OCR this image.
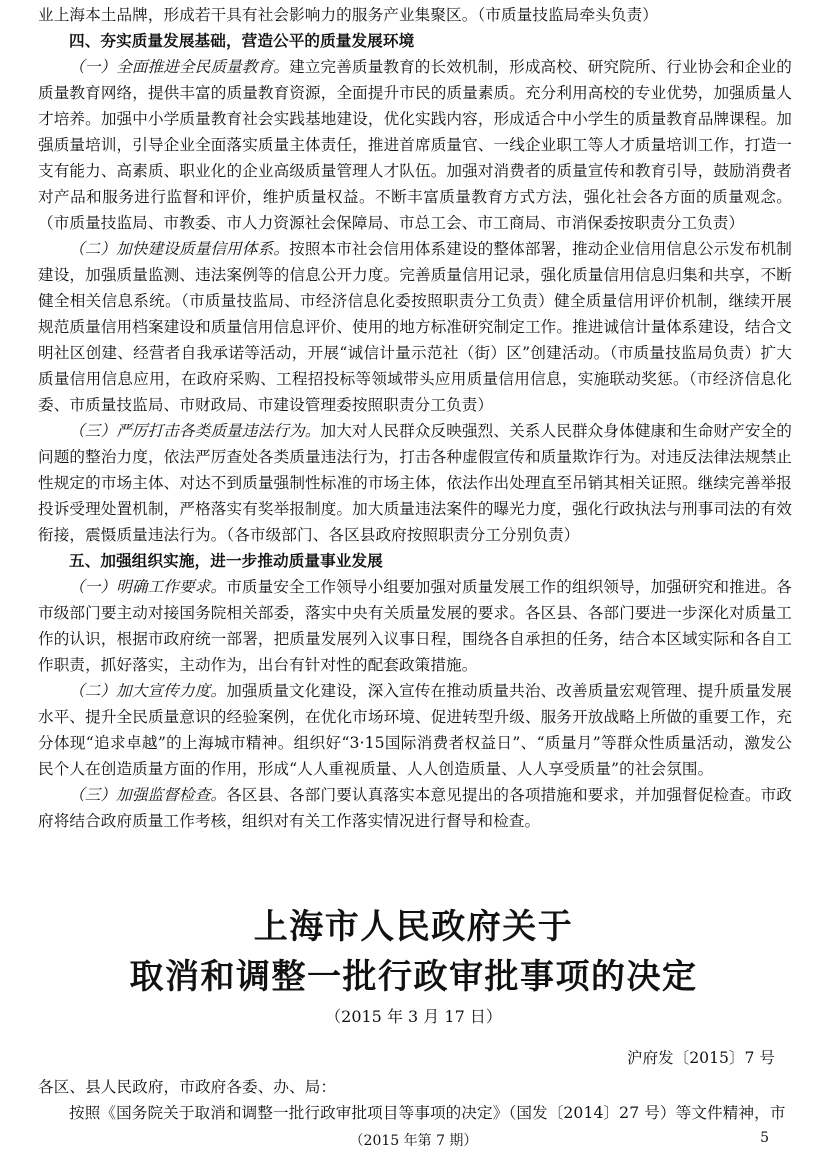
业上海本土品牌，形成若干具有社会影响力的服务产业集聚区。（市质量技监局牵头负责）

四、夯实质量发展基础，营造公平的质量发展环境

（一）全面推进全民质量教育。建立完善质量教育的长效机制，形成高校、研究院所、行业协会和企业的质量教育网络，提供丰富的质量教育资源，全面提升市民的质量素质。充分利用高校的专业优势，加强质量人才培养。加强中小学质量教育社会实践基地建设，优化实践内容，形成适合中小学生的质量教育品牌课程。加强质量培训，引导企业全面落实质量主体责任，推进首席质量官、一线企业职工等人才质量培训工作，打造一支有能力、高素质、职业化的企业高级质量管理人才队伍。加强对消费者的质量宣传和教育引导，鼓励消费者对产品和服务进行监督和评价，维护质量权益。不断丰富质量教育方式方法，强化社会各方面的质量观念。（市质量技监局、市教委、市人力资源社会保障局、市总工会、市工商局、市消保委按职责分工负责）

（二）加快建设质量信用体系。按照本市社会信用体系建设的整体部署，推动企业信用信息公示发布机制建设，加强质量监测、违法案例等的信息公开力度。完善质量信用记录，强化质量信用信息归集和共享，不断健全相关信息系统。（市质量技监局、市经济信息化委按照职责分工负责）健全质量信用评价机制，继续开展规范质量信用档案建设和质量信用信息评价、使用的地方标准研究制定工作。推进诚信计量体系建设，结合文明社区创建、经营者自我承诺等活动，开展“诚信计量示范社（街）区”创建活动。（市质量技监局负责）扩大质量信用信息应用，在政府采购、工程招投标等领域带头应用质量信用信息，实施联动奖惩。（市经济信息化委、市质量技监局、市财政局、市建设管理委按照职责分工负责）

（三）严厉打击各类质量违法行为。加大对人民群众反映强烈、关系人民群众身体健康和生命财产安全的问题的整治力度，依法严厉查处各类质量违法行为，打击各种虚假宣传和质量欺诈行为。对违反法律法规禁止性规定的市场主体、对达不到质量强制性标准的市场主体，依法作出处理直至吊销其相关证照。继续完善举报投诉受理处置机制，严格落实有奖举报制度。加大质量违法案件的曝光力度，强化行政执法与刑事司法的有效衔接，震慑质量违法行为。（各市级部门、各区县政府按照职责分工分别负责）

五、加强组织实施，进一步推动质量事业发展

（一）明确工作要求。市质量安全工作领导小组要加强对质量发展工作的组织领导，加强研究和推进。各市级部门要主动对接国务院相关部委，落实中央有关质量发展的要求。各区县、各部门要进一步深化对质量工作的认识，根据市政府统一部署，把质量发展列入议事日程，围绕各自承担的任务，结合本区域实际和各自工作职责，抓好落实，主动作为，出台有针对性的配套政策措施。

（二）加大宣传力度。加强质量文化建设，深入宣传在推动质量共治、改善质量宏观管理、提升质量发展水平、提升全民质量意识的经验案例，在优化市场环境、促进转型升级、服务开放战略上所做的重要工作，充分体现“追求卓越”的上海城市精神。组织好“3·15国际消费者权益日”、“质量月”等群众性质量活动，激发公民个人在创造质量方面的作用，形成“人人重视质量、人人创造质量、人人享受质量”的社会氛围。

（三）加强监督检查。各区县、各部门要认真落实本意见提出的各项措施和要求，并加强督促检查。市政府将结合政府质量工作考核，组织对有关工作落实情况进行督导和检查。

上海市人民政府关于
取消和调整一批行政审批事项的决定
（2015 年 3 月 17 日）
沪府发〔2015〕7 号

各区、县人民政府，市政府各委、办、局：

按照《国务院关于取消和调整一批行政审批项目等事项的决定》（国发〔2014〕27 号）等文件精神，市

（2015 年第 7 期）	5
